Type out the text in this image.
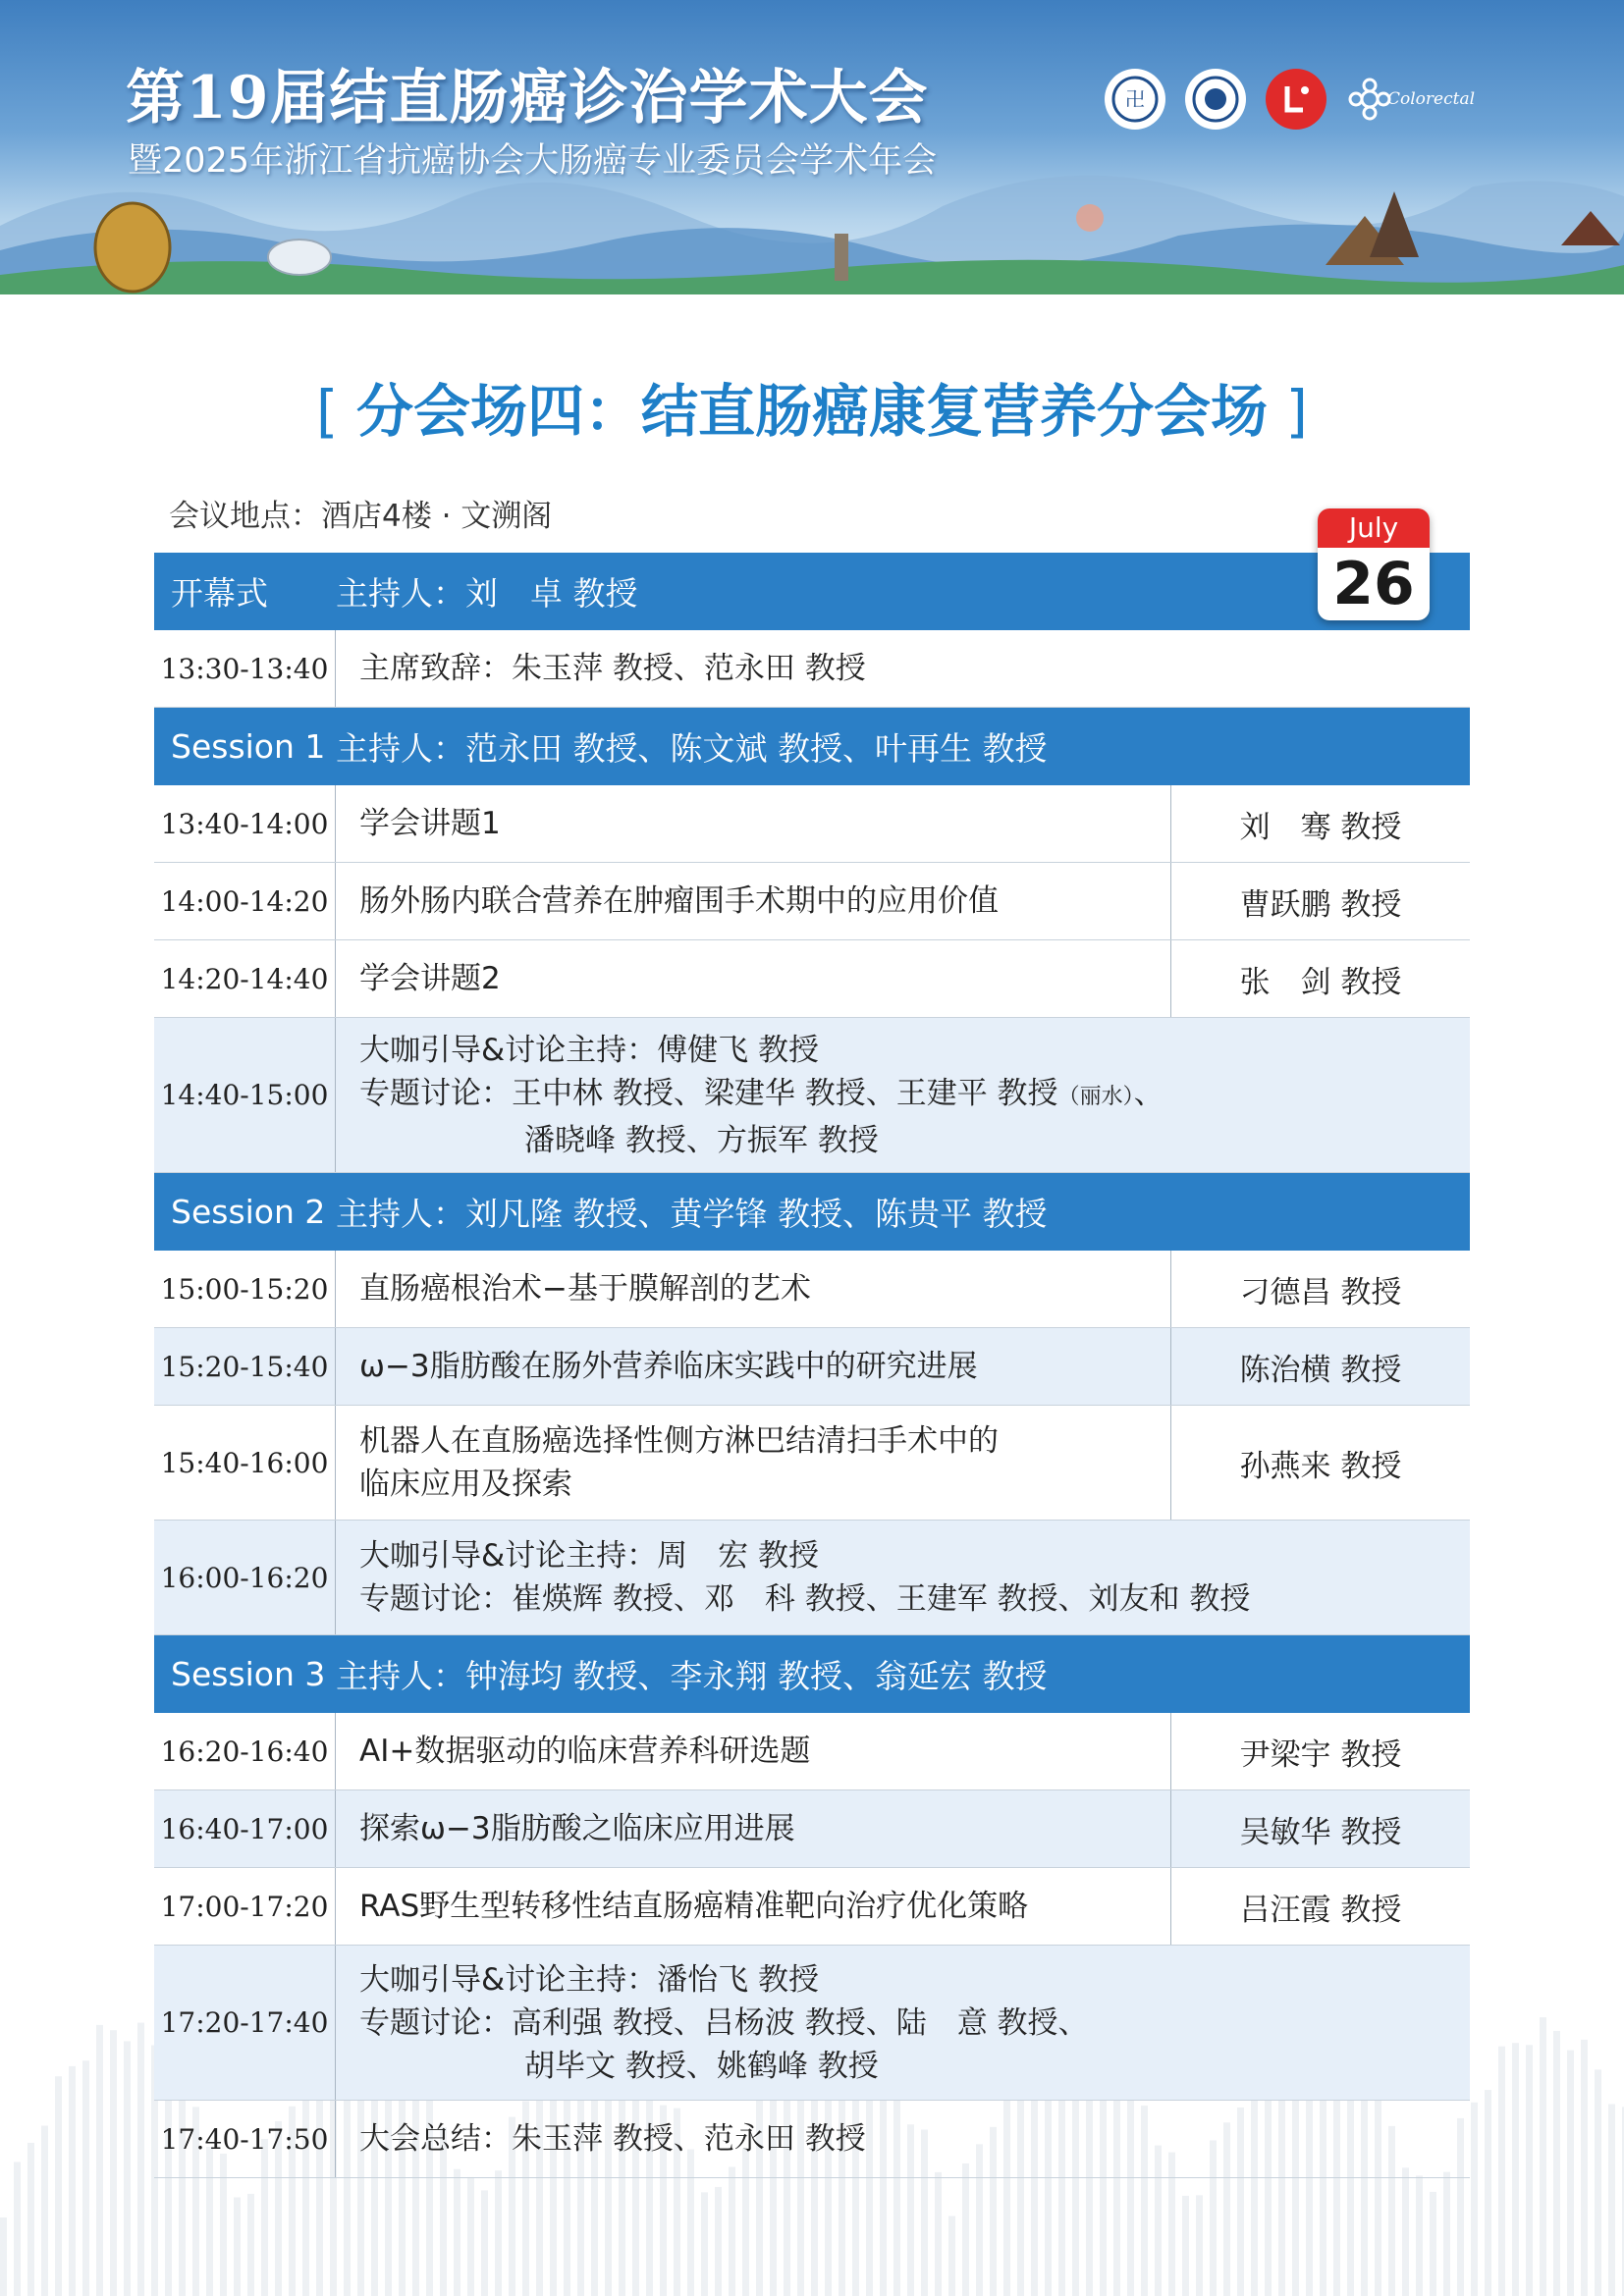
第19届结直肠癌诊治学术大会
暨2025年浙江省抗癌协会大肠癌专业委员会学术年会
卍	Colorectal
[ 分会场四：结直肠癌康复营养分会场 ]
会议地点：酒店4楼 · 文溯阁	July
26
开幕式	主持人：刘　卓 教授
13:30-13:40 主席致辞：朱玉萍 教授、范永田 教授
Session 1 主持人：范永田 教授、陈文斌 教授、叶再生 教授
13:40-14:00 学会讲题1	刘　骞 教授
14:00-14:20 肠外肠内联合营养在肿瘤围手术期中的应用价值	曹跃鹏 教授
14:20-14:40 学会讲题2	张　剑 教授
14:40-15:00
大咖引导&讨论主持：傅健飞 教授
专题讨论：王中林 教授、梁建华 教授、王建平 教授（丽水）、
潘晓峰 教授、方振军 教授
Session 2 主持人：刘凡隆 教授、黄学锋 教授、陈贵平 教授
15:00-15:20 直肠癌根治术−基于膜解剖的艺术	刁德昌 教授
15:20-15:40 ω−3脂肪酸在肠外营养临床实践中的研究进展	陈治横 教授
15:40-16:00
机器人在直肠癌选择性侧方淋巴结清扫手术中的
临床应用及探索
孙燕来 教授
16:00-16:20
大咖引导&讨论主持：周　宏 教授
专题讨论：崔煐辉 教授、邓　科 教授、王建军 教授、刘友和 教授
Session 3 主持人：钟海均 教授、李永翔 教授、翁延宏 教授
16:20-16:40 AI+数据驱动的临床营养科研选题	尹梁宇 教授
16:40-17:00 探索ω−3脂肪酸之临床应用进展	吴敏华 教授
17:00-17:20 RAS野生型转移性结直肠癌精准靶向治疗优化策略	吕汪霞 教授
17:20-17:40
大咖引导&讨论主持：潘怡飞 教授
专题讨论：高利强 教授、吕杨波 教授、陆　意 教授、
胡毕文 教授、姚鹤峰 教授
17:40-17:50 大会总结：朱玉萍 教授、范永田 教授
